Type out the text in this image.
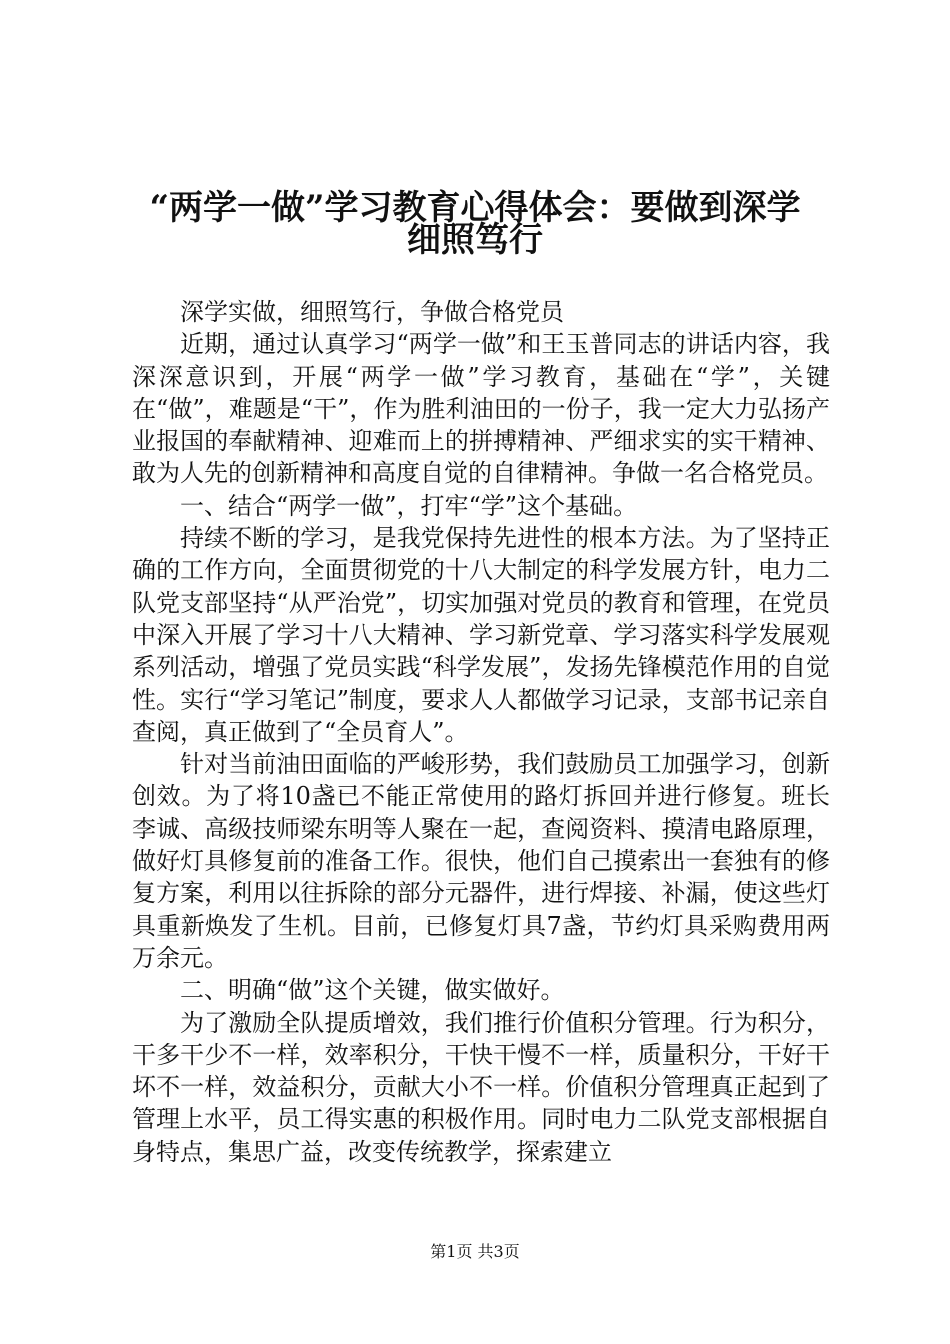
“两学一做”学习教育心得体会：要做到深学
细照笃行

深学实做，细照笃行，争做合格党员

近期，通过认真学习“两学一做”和王玉普同志的讲话内容，我深深意识到，开展“两学一做”学习教育，基础在“学”，关键在“做”，难题是“干”，作为胜利油田的一份子，我一定大力弘扬产业报国的奉献精神、迎难而上的拼搏精神、严细求实的实干精神、敢为人先的创新精神和高度自觉的自律精神。争做一名合格党员。

一、结合“两学一做”，打牢“学”这个基础。

持续不断的学习，是我党保持先进性的根本方法。为了坚持正确的工作方向，全面贯彻党的十八大制定的科学发展方针，电力二队党支部坚持“从严治党”，切实加强对党员的教育和管理，在党员中深入开展了学习十八大精神、学习新党章、学习落实科学发展观系列活动，增强了党员实践“科学发展”，发扬先锋模范作用的自觉性。实行“学习笔记”制度，要求人人都做学习记录，支部书记亲自查阅，真正做到了“全员育人”。

针对当前油田面临的严峻形势，我们鼓励员工加强学习，创新创效。为了将10盏已不能正常使用的路灯拆回并进行修复。班长李诚、高级技师梁东明等人聚在一起，查阅资料、摸清电路原理，做好灯具修复前的准备工作。很快，他们自己摸索出一套独有的修复方案，利用以往拆除的部分元器件，进行焊接、补漏，使这些灯具重新焕发了生机。目前，已修复灯具7盏，节约灯具采购费用两万余元。

二、明确“做”这个关键，做实做好。

为了激励全队提质增效，我们推行价值积分管理。行为积分，干多干少不一样，效率积分，干快干慢不一样，质量积分，干好干坏不一样，效益积分，贡献大小不一样。价值积分管理真正起到了管理上水平，员工得实惠的积极作用。同时电力二队党支部根据自身特点，集思广益，改变传统教学，探索建立

第1页 共3页
